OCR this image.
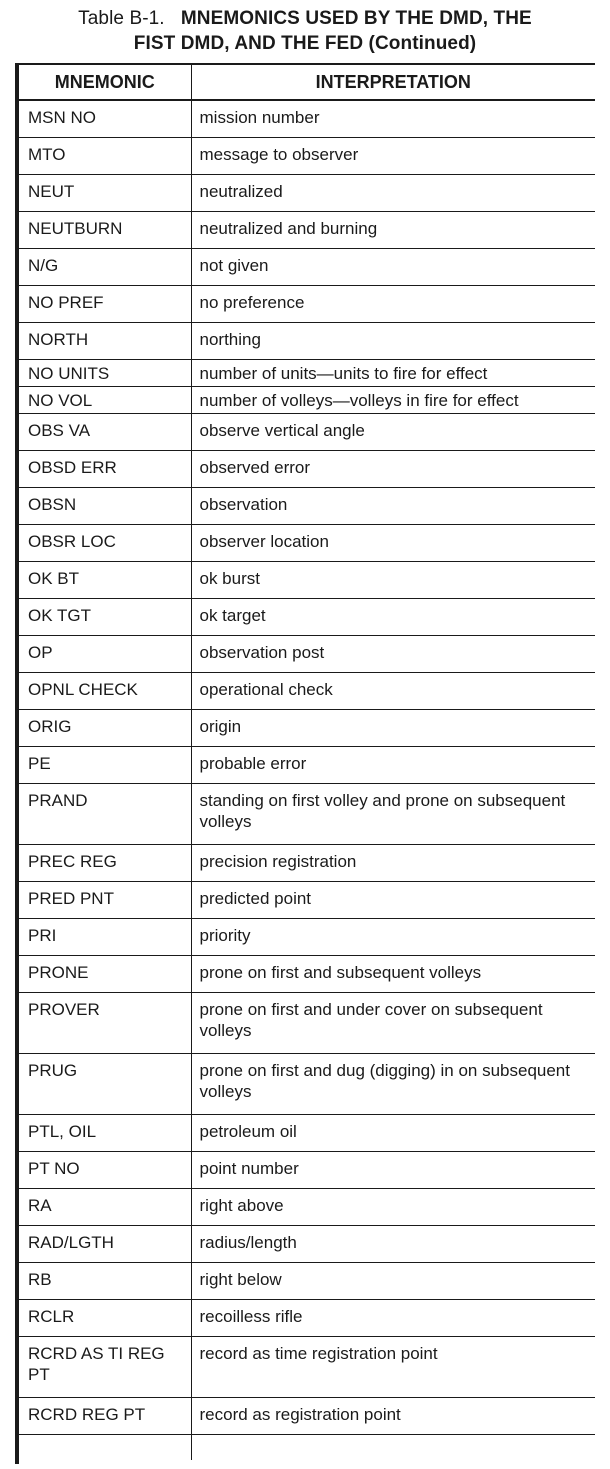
Table B-1. MNEMONICS USED BY THE DMD, THE
FIST DMD, AND THE FED (Continued)
MNEMONIC	INTERPRETATION
MSN NO	mission number
MTO	message to observer
NEUT	neutralized
NEUTBURN	neutralized and burning
N/G	not given
NO PREF	no preference
NORTH	northing
NO UNITS	number of units—units to fire for effect
NO VOL	number of volleys—volleys in fire for effect
OBS VA	observe vertical angle
OBSD ERR	observed error
OBSN	observation
OBSR LOC	observer location
OK BT	ok burst
OK TGT	ok target
OP	observation post
OPNL CHECK	operational check
ORIG	origin
PE	probable error
PRAND	standing on first volley and prone on subsequent volleys
PREC REG	precision registration
PRED PNT	predicted point
PRI	priority
PRONE	prone on first and subsequent volleys
PROVER	prone on first and under cover on subsequent volleys
PRUG	prone on first and dug (digging) in on subsequent volleys
PTL, OIL	petroleum oil
PT NO	point number
RA	right above
RAD/LGTH	radius/length
RB	right below
RCLR	recoilless rifle
RCRD AS TI REG PT	record as time registration point
RCRD REG PT	record as registration point
